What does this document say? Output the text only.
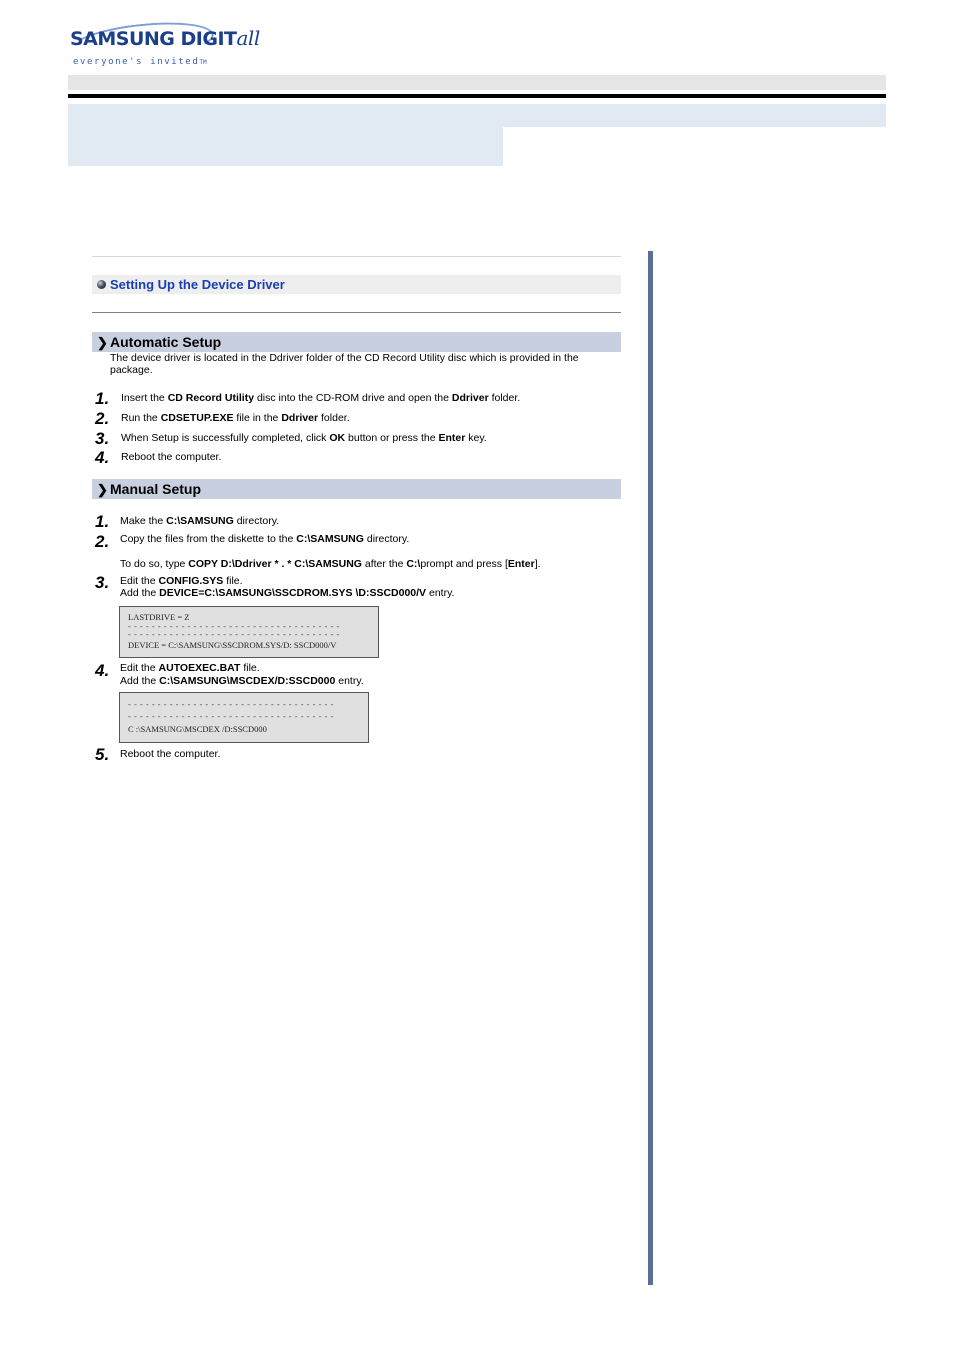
SAMSUNG DIGITall
everyone's invitedTM
Setting Up the Device Driver
❯ Automatic Setup
The device driver is located in the Ddriver folder of the CD Record Utility disc which is provided in the
package.
1. Insert the CD Record Utility disc into the CD-ROM drive and open the Ddriver folder.
2. Run the CDSETUP.EXE file in the Ddriver folder.
3. When Setup is successfully completed, click OK button or press the Enter key.
4. Reboot the computer.
❯ Manual Setup
1. Make the C:\SAMSUNG directory.
2. Copy the files from the diskette to the C:\SAMSUNG directory.
To do so, type COPY D:\Ddriver * . * C:\SAMSUNG after the C:\prompt and press [Enter].
3. Edit the CONFIG.SYS file.
Add the DEVICE=C:\SAMSUNG\SSCDROM.SYS \D:SSCD000/V entry.
LASTDRIVE = Z
- - - - - - - - - - - - - - - - - - - - - - - - - - - - - - - - - - - -
- - - - - - - - - - - - - - - - - - - - - - - - - - - - - - - - - - - -
DEVICE = C:\SAMSUNG\SSCDROM.SYS/D: SSCD000/V
4. Edit the AUTOEXEC.BAT file.
Add the C:\SAMSUNG\MSCDEX/D:SSCD000 entry.
- - - - - - - - - - - - - - - - - - - - - - - - - - - - - - - - - - -
- - - - - - - - - - - - - - - - - - - - - - - - - - - - - - - - - - -
C :\SAMSUNG\MSCDEX /D:SSCD000
5. Reboot the computer.
